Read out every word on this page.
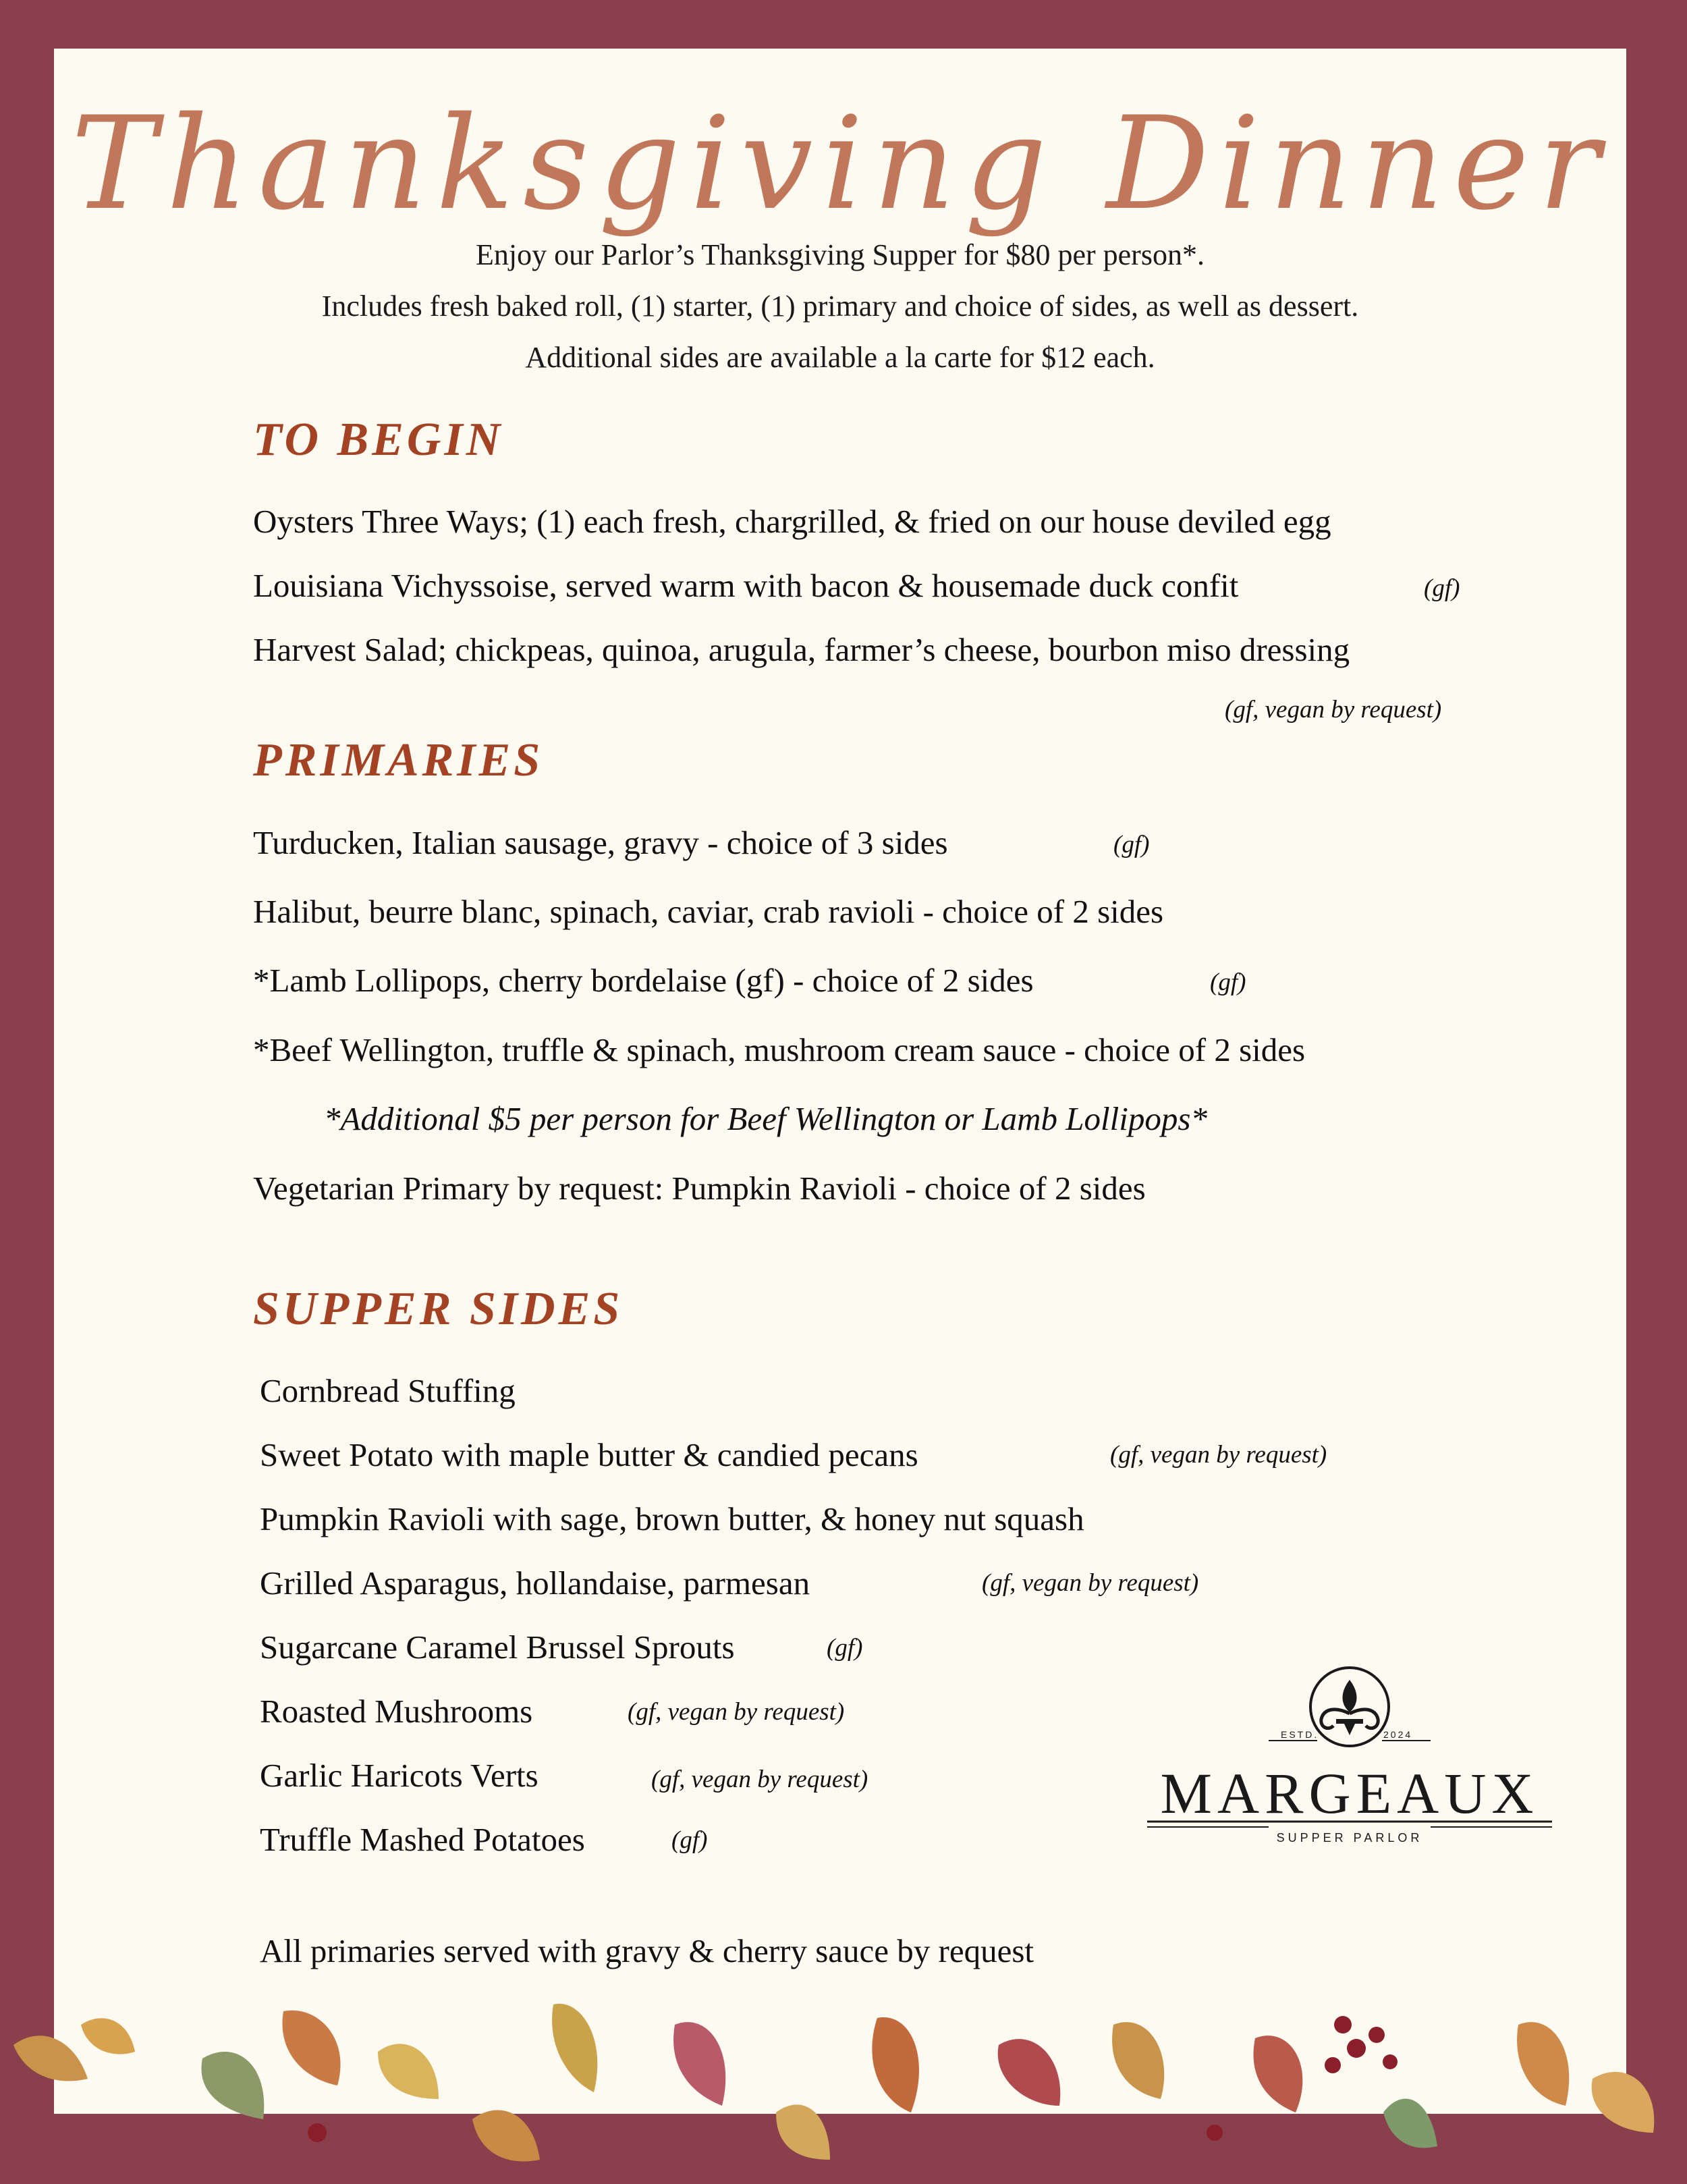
Thanksgiving Dinner
Enjoy our Parlor’s Thanksgiving Supper for $80 per person*.
Includes fresh baked roll, (1) starter, (1) primary and choice of sides, as well as dessert.
Additional sides are available a la carte for $12 each.
TO BEGIN
Oysters Three Ways; (1) each fresh, chargrilled, & fried on our house deviled egg
Louisiana Vichyssoise, served warm with bacon & housemade duck confit	(gf)
Harvest Salad; chickpeas, quinoa, arugula, farmer’s cheese, bourbon miso dressing
(gf, vegan by request)
PRIMARIES
Turducken, Italian sausage, gravy - choice of 3 sides	(gf)
Halibut, beurre blanc, spinach, caviar, crab ravioli - choice of 2 sides
*Lamb Lollipops, cherry bordelaise (gf) - choice of 2 sides	(gf)
*Beef Wellington, truffle & spinach, mushroom cream sauce - choice of 2 sides
*Additional $5 per person for Beef Wellington or Lamb Lollipops*
Vegetarian Primary by request: Pumpkin Ravioli - choice of 2 sides
SUPPER SIDES
Cornbread Stuffing
Sweet Potato with maple butter & candied pecans	(gf, vegan by request)
Pumpkin Ravioli with sage, brown butter, & honey nut squash
Grilled Asparagus, hollandaise, parmesan	(gf, vegan by request)
Sugarcane Caramel Brussel Sprouts	(gf)
Roasted Mushrooms	(gf, vegan by request)
Garlic Haricots Verts	(gf, vegan by request)
Truffle Mashed Potatoes	(gf)
All primaries served with gravy & cherry sauce by request
ESTD.	2024
MARGEAUX
SUPPER PARLOR
